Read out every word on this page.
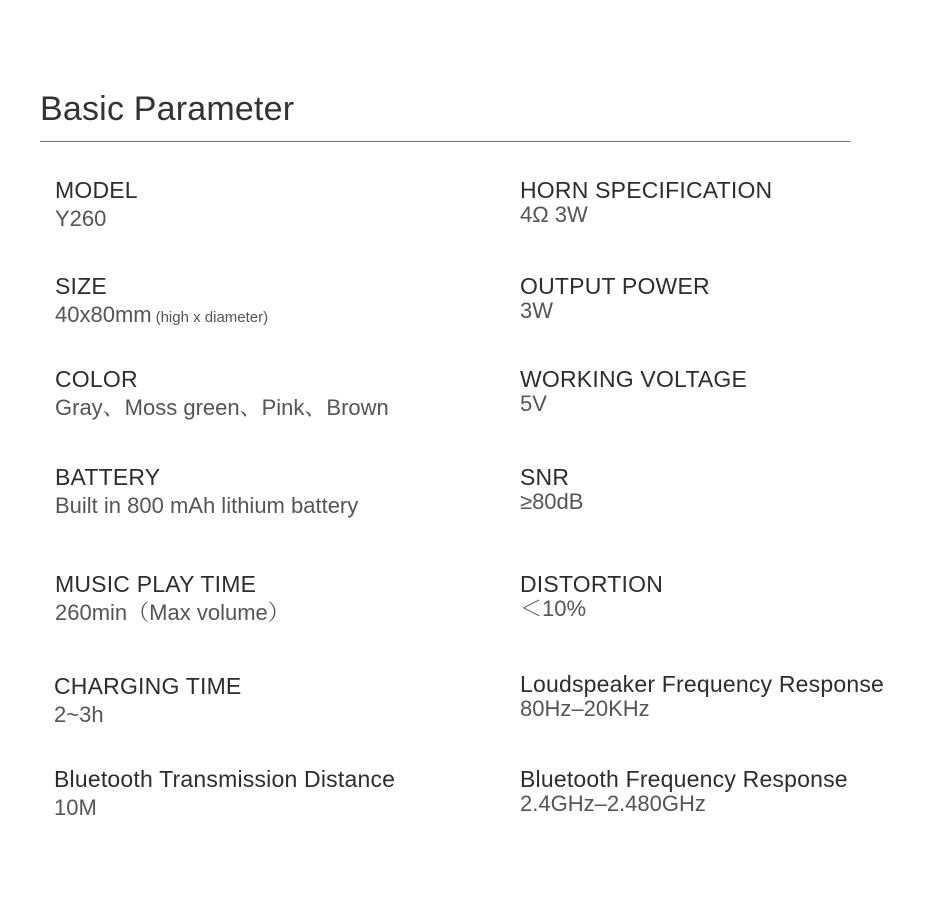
Basic Parameter
MODEL
Y260
SIZE
40x80mm (high x diameter)
COLOR
Gray、Moss green、Pink、Brown
BATTERY
Built in 800 mAh lithium battery
MUSIC PLAY TIME
260min（Max volume）
CHARGING TIME
2~3h
Bluetooth Transmission Distance
10M
HORN SPECIFICATION
4Ω 3W
OUTPUT POWER
3W
WORKING VOLTAGE
5V
SNR
≥80dB
DISTORTION
＜10%
Loudspeaker Frequency Response
80Hz–20KHz
Bluetooth Frequency Response
2.4GHz–2.480GHz
